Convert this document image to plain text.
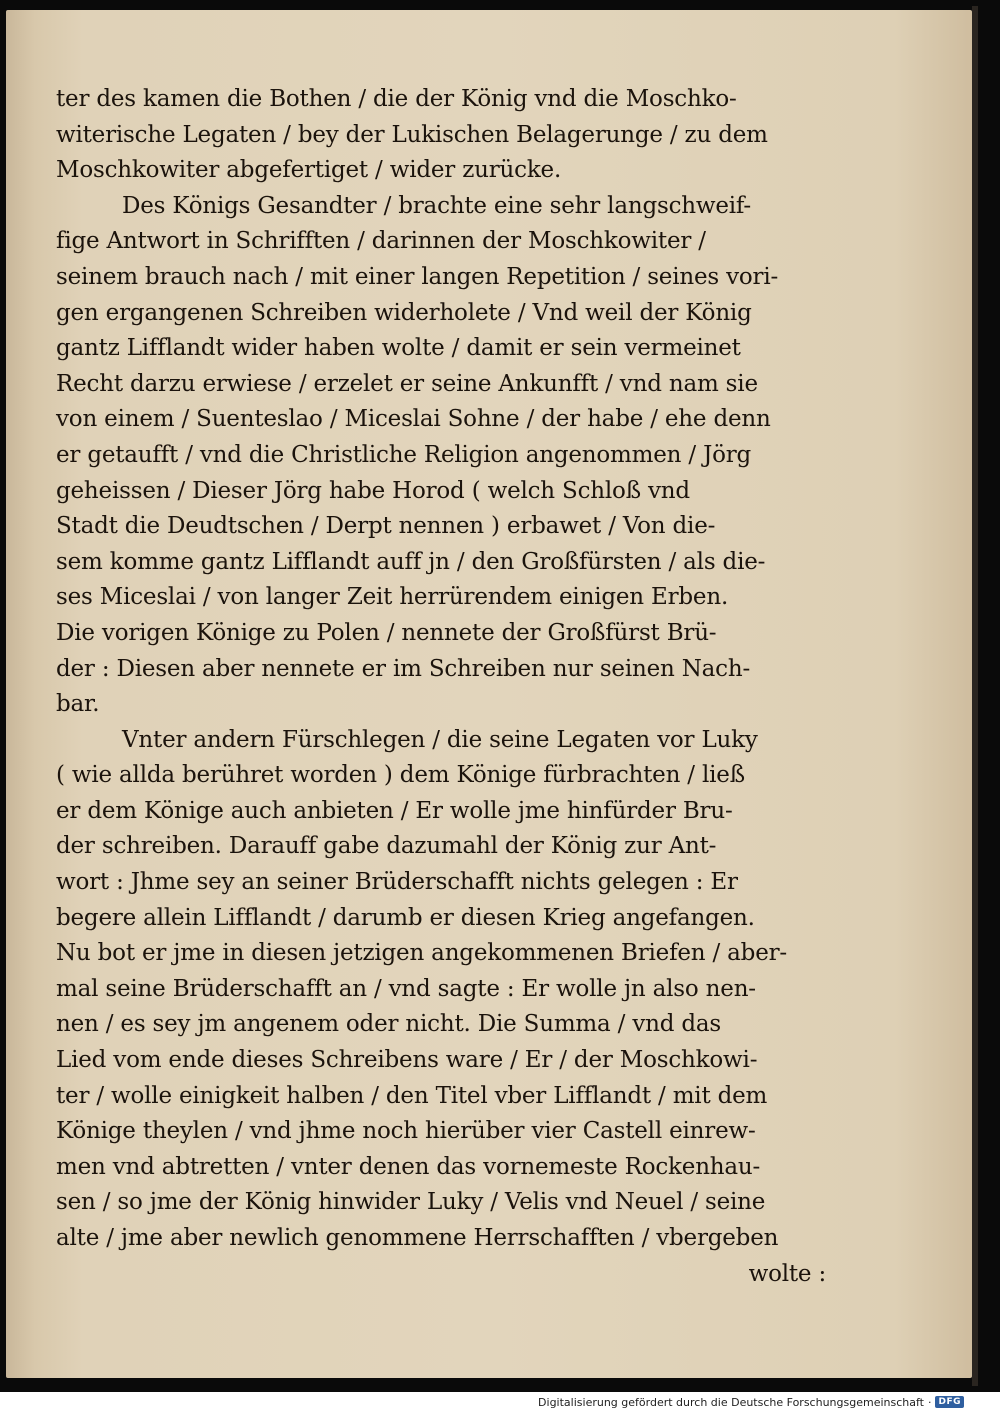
ter des kamen die Bothen / die der König vnd die Moschko-
witerische Legaten / bey der Lukischen Belagerunge / zu dem
Moschkowiter abgefertiget / wider zurücke.
Des Königs Gesandter / brachte eine sehr langschweif-
fige Antwort in Schrifften / darinnen der Moschkowiter /
seinem brauch nach / mit einer langen Repetition / seines vori-
gen ergangenen Schreiben widerholete / Vnd weil der König
gantz Lifflandt wider haben wolte / damit er sein vermeinet
Recht darzu erwiese / erzelet er seine Ankunfft / vnd nam sie
von einem / Suenteslao / Miceslai Sohne / der habe / ehe denn
er getaufft / vnd die Christliche Religion angenommen / Jörg
geheissen / Dieser Jörg habe Horod ( welch Schloß vnd
Stadt die Deudtschen / Derpt nennen ) erbawet / Von die-
sem komme gantz Lifflandt auff jn / den Großfürsten / als die-
ses Miceslai / von langer Zeit herrürendem einigen Erben.
Die vorigen Könige zu Polen / nennete der Großfürst Brü-
der : Diesen aber nennete er im Schreiben nur seinen Nach-
bar.
Vnter andern Fürschlegen / die seine Legaten vor Luky
( wie allda berühret worden ) dem Könige fürbrachten / ließ
er dem Könige auch anbieten / Er wolle jme hinfürder Bru-
der schreiben. Darauff gabe dazumahl der König zur Ant-
wort : Jhme sey an seiner Brüderschafft nichts gelegen : Er
begere allein Lifflandt / darumb er diesen Krieg angefangen.
Nu bot er jme in diesen jetzigen angekommenen Briefen / aber-
mal seine Brüderschafft an / vnd sagte : Er wolle jn also nen-
nen / es sey jm angenem oder nicht. Die Summa / vnd das
Lied vom ende dieses Schreibens ware / Er / der Moschkowi-
ter / wolle einigkeit halben / den Titel vber Lifflandt / mit dem
Könige theylen / vnd jhme noch hierüber vier Castell einrew-
men vnd abtretten / vnter denen das vornemeste Rockenhau-
sen / so jme der König hinwider Luky / Velis vnd Neuel / seine
alte / jme aber newlich genommene Herrschafften / vbergeben
wolte :
Digitalisierung gefördert durch die Deutsche Forschungsgemeinschaft · DFG
